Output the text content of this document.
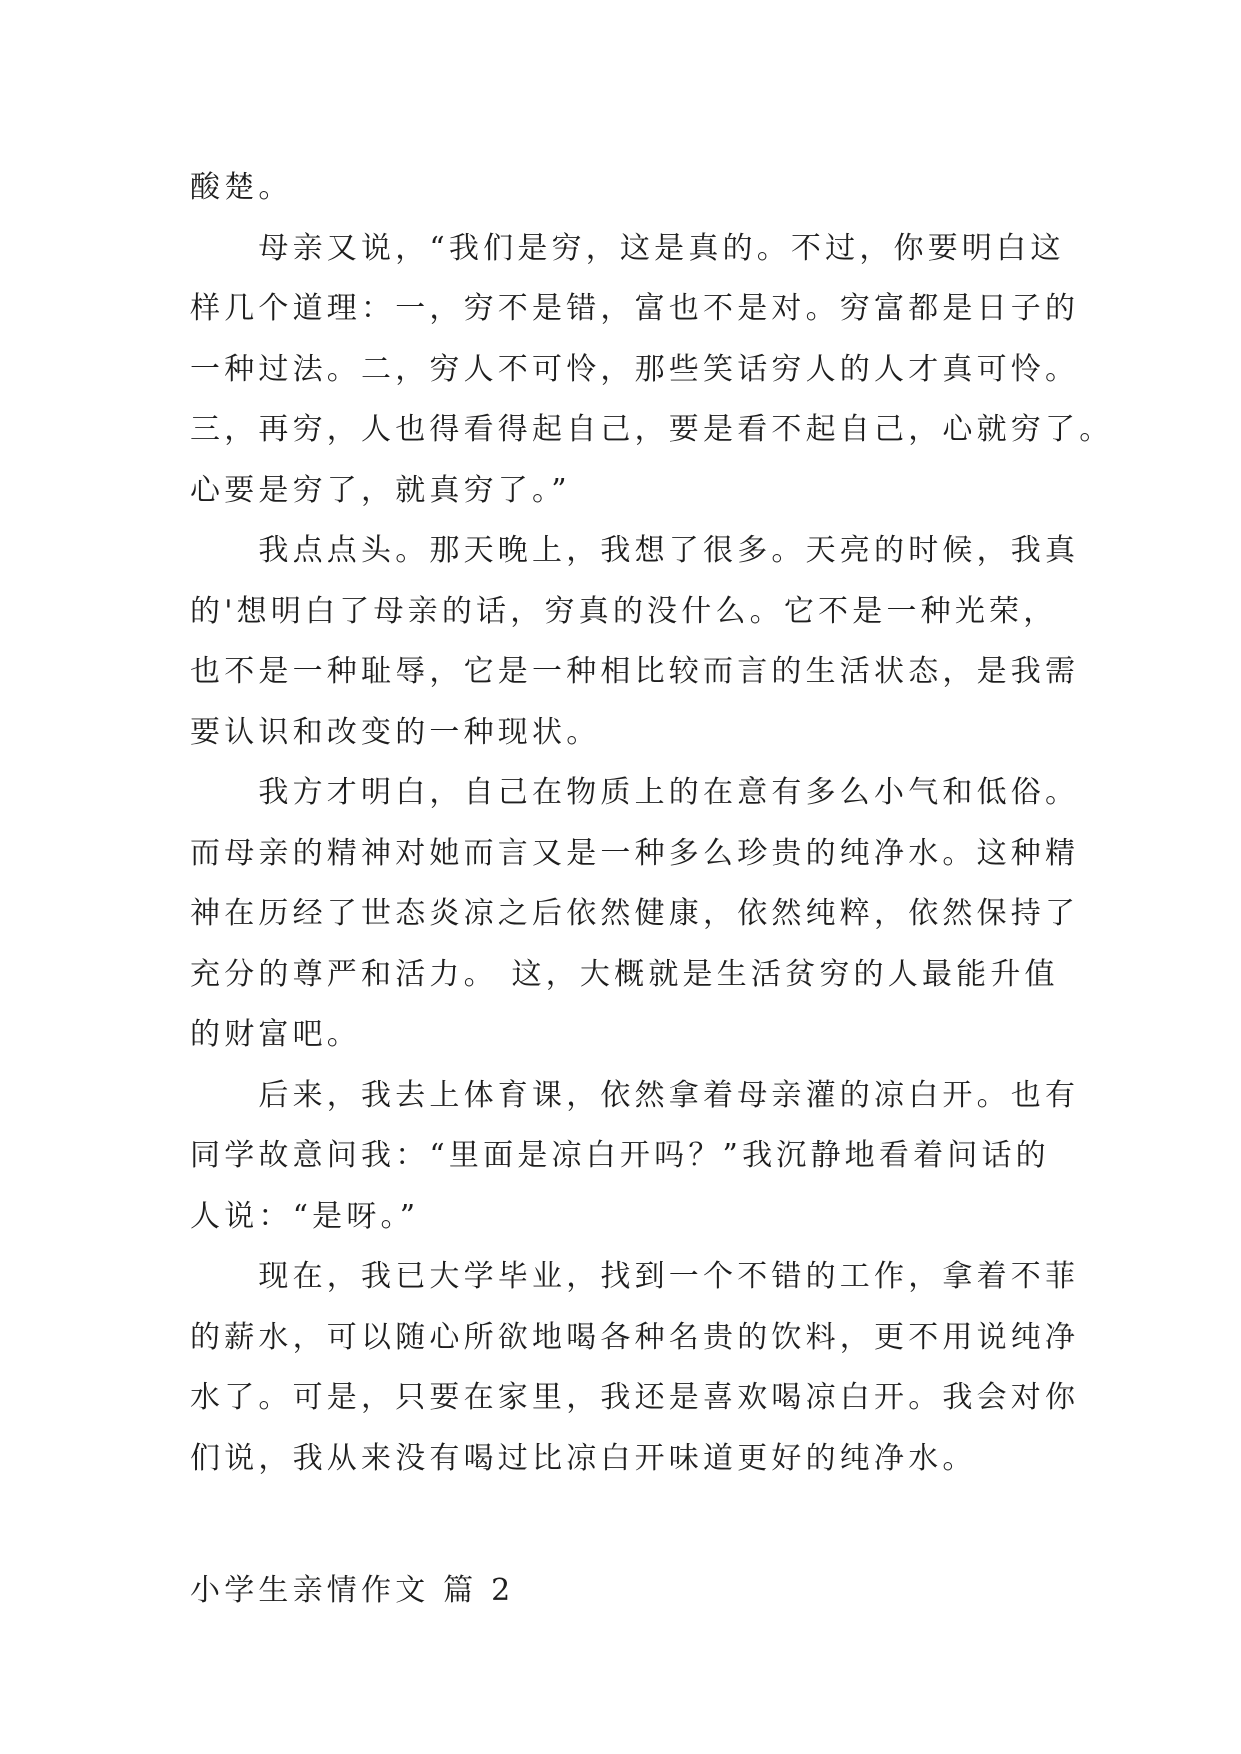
酸楚。
　　母亲又说，“我们是穷，这是真的。不过，你要明白这
样几个道理：一，穷不是错，富也不是对。穷富都是日子的
一种过法。二，穷人不可怜，那些笑话穷人的人才真可怜。
三，再穷，人也得看得起自己，要是看不起自己，心就穷了。
心要是穷了，就真穷了。”
　　我点点头。那天晚上，我想了很多。天亮的时候，我真
的'想明白了母亲的话，穷真的没什么。它不是一种光荣，
也不是一种耻辱，它是一种相比较而言的生活状态，是我需
要认识和改变的一种现状。
　　我方才明白，自己在物质上的在意有多么小气和低俗。
而母亲的精神对她而言又是一种多么珍贵的纯净水。这种精
神在历经了世态炎凉之后依然健康，依然纯粹，依然保持了
充分的尊严和活力。 这，大概就是生活贫穷的人最能升值
的财富吧。
　　后来，我去上体育课，依然拿着母亲灌的凉白开。也有
同学故意问我：“里面是凉白开吗？”我沉静地看着问话的
人说：“是呀。”
　　现在，我已大学毕业，找到一个不错的工作，拿着不菲
的薪水，可以随心所欲地喝各种名贵的饮料，更不用说纯净
水了。可是，只要在家里，我还是喜欢喝凉白开。我会对你
们说，我从来没有喝过比凉白开味道更好的纯净水。
小学生亲情作文 篇 2
